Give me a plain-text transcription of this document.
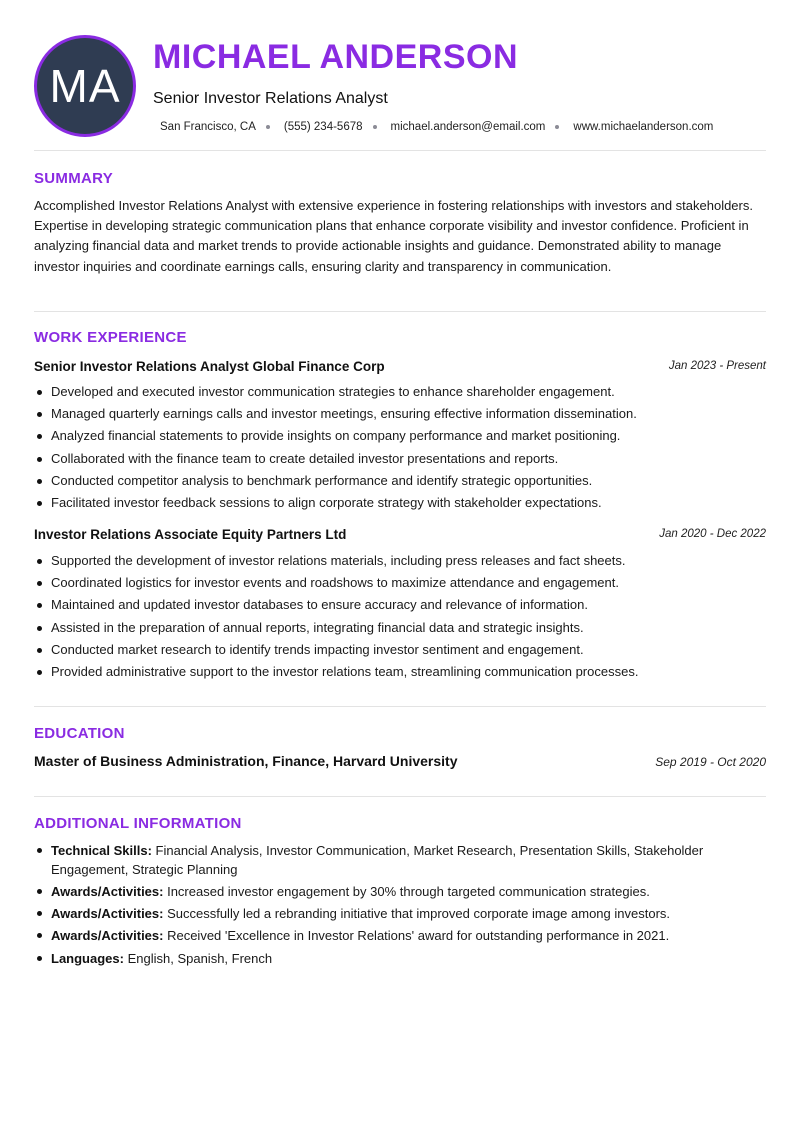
MA
MICHAEL ANDERSON
Senior Investor Relations Analyst
San Francisco, CA (555) 234-5678 michael.anderson@email.com www.michaelanderson.com
SUMMARY
Accomplished Investor Relations Analyst with extensive experience in fostering relationships with investors and stakeholders. Expertise in developing strategic communication plans that enhance corporate visibility and investor confidence. Proficient in analyzing financial data and market trends to provide actionable insights and guidance. Demonstrated ability to manage investor inquiries and coordinate earnings calls, ensuring clarity and transparency in communication.
WORK EXPERIENCE
Senior Investor Relations Analyst Global Finance Corp	Jan 2023 - Present
Developed and executed investor communication strategies to enhance shareholder engagement.
Managed quarterly earnings calls and investor meetings, ensuring effective information dissemination.
Analyzed financial statements to provide insights on company performance and market positioning.
Collaborated with the finance team to create detailed investor presentations and reports.
Conducted competitor analysis to benchmark performance and identify strategic opportunities.
Facilitated investor feedback sessions to align corporate strategy with stakeholder expectations.
Investor Relations Associate Equity Partners Ltd	Jan 2020 - Dec 2022
Supported the development of investor relations materials, including press releases and fact sheets.
Coordinated logistics for investor events and roadshows to maximize attendance and engagement.
Maintained and updated investor databases to ensure accuracy and relevance of information.
Assisted in the preparation of annual reports, integrating financial data and strategic insights.
Conducted market research to identify trends impacting investor sentiment and engagement.
Provided administrative support to the investor relations team, streamlining communication processes.
EDUCATION
Master of Business Administration, Finance, Harvard University	Sep 2019 - Oct 2020
ADDITIONAL INFORMATION
Technical Skills: Financial Analysis, Investor Communication, Market Research, Presentation Skills, Stakeholder Engagement, Strategic Planning
Awards/Activities: Increased investor engagement by 30% through targeted communication strategies.
Awards/Activities: Successfully led a rebranding initiative that improved corporate image among investors.
Awards/Activities: Received 'Excellence in Investor Relations' award for outstanding performance in 2021.
Languages: English, Spanish, French
